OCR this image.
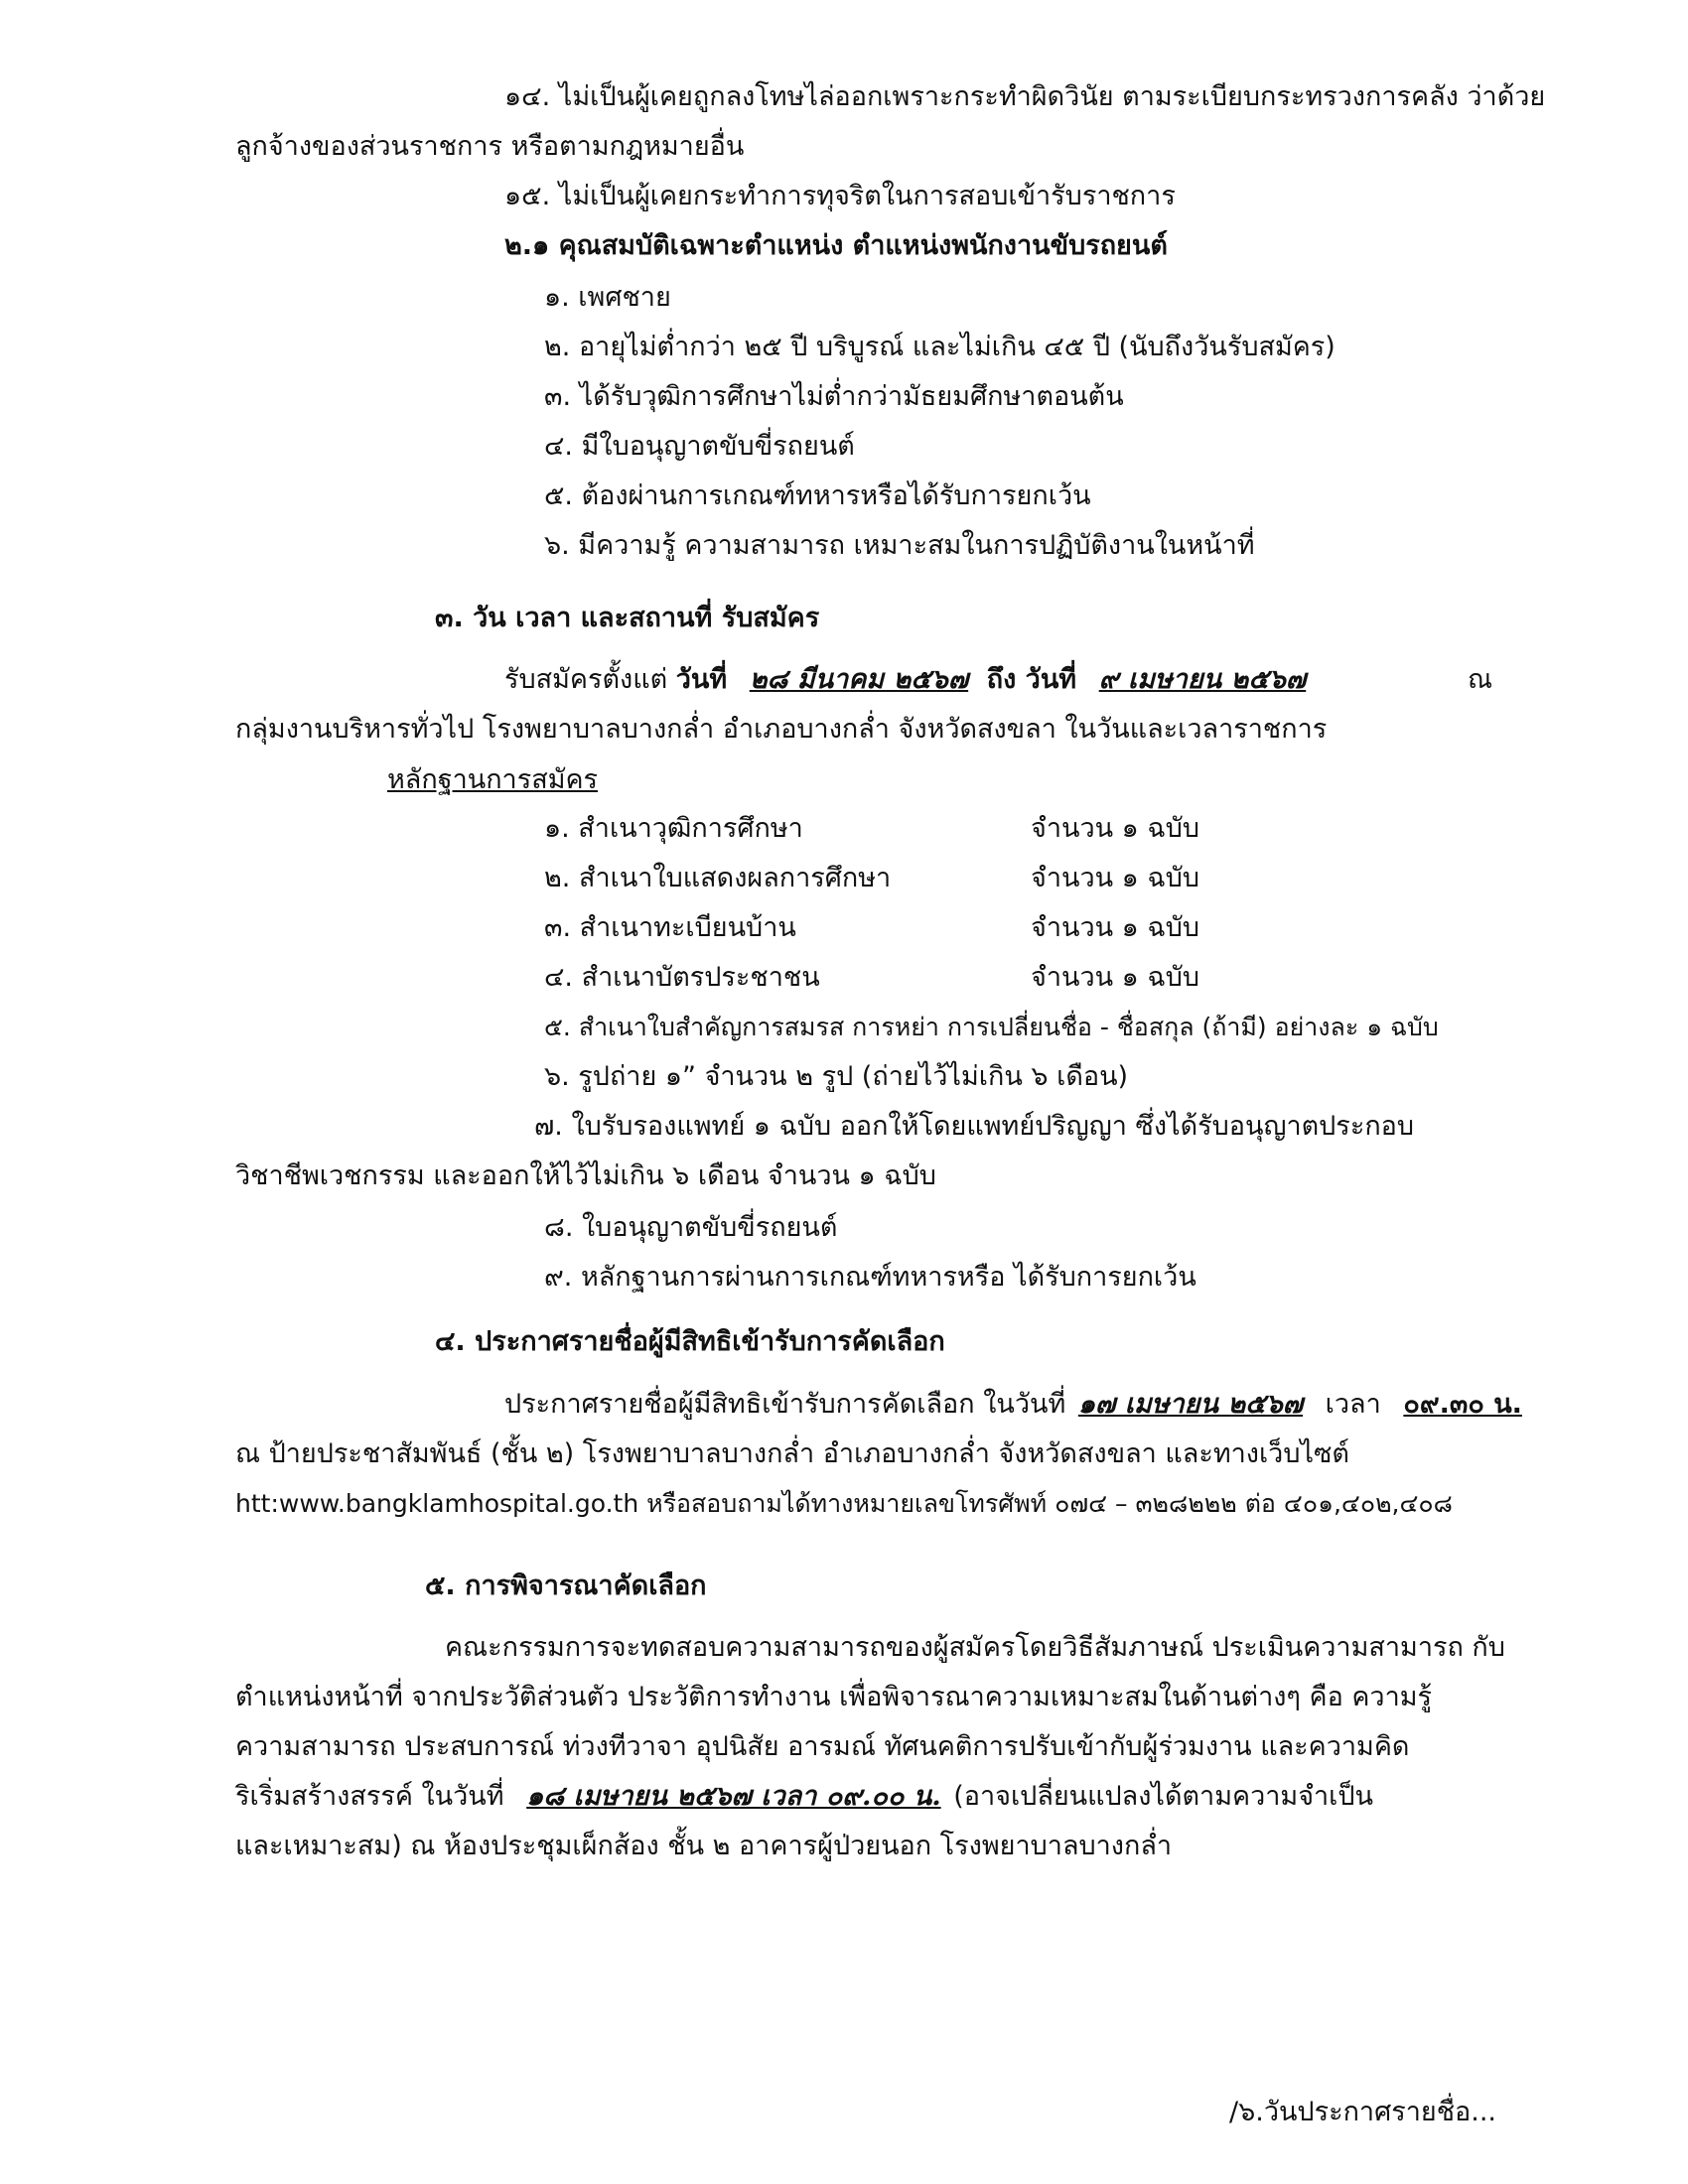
๑๔. ไม่เป็นผู้เคยถูกลงโทษไล่ออกเพราะกระทำผิดวินัย ตามระเบียบกระทรวงการคลัง ว่าด้วย
ลูกจ้างของส่วนราชการ หรือตามกฎหมายอื่น
๑๕. ไม่เป็นผู้เคยกระทำการทุจริตในการสอบเข้ารับราชการ
๒.๑ คุณสมบัติเฉพาะตำแหน่ง ตำแหน่งพนักงานขับรถยนต์
๑. เพศชาย
๒. อายุไม่ต่ำกว่า ๒๕ ปี บริบูรณ์ และไม่เกิน ๔๕ ปี (นับถึงวันรับสมัคร)
๓. ได้รับวุฒิการศึกษาไม่ต่ำกว่ามัธยมศึกษาตอนต้น
๔. มีใบอนุญาตขับขี่รถยนต์
๕. ต้องผ่านการเกณฑ์ทหารหรือได้รับการยกเว้น
๖. มีความรู้ ความสามารถ เหมาะสมในการปฏิบัติงานในหน้าที่
๓. วัน เวลา และสถานที่ รับสมัคร
รับสมัครตั้งแต่ วันที่ ๒๘ มีนาคม ๒๕๖๗ ถึง วันที่ ๙ เมษายน ๒๕๖๗	ณ
กลุ่มงานบริหารทั่วไป โรงพยาบาลบางกล่ำ อำเภอบางกล่ำ จังหวัดสงขลา ในวันและเวลาราชการ
หลักฐานการสมัคร
๑. สำเนาวุฒิการศึกษา	จำนวน ๑ ฉบับ
๒. สำเนาใบแสดงผลการศึกษา	จำนวน ๑ ฉบับ
๓. สำเนาทะเบียนบ้าน	จำนวน ๑ ฉบับ
๔. สำเนาบัตรประชาชน	จำนวน ๑ ฉบับ
๕. สำเนาใบสำคัญการสมรส การหย่า การเปลี่ยนชื่อ - ชื่อสกุล (ถ้ามี) อย่างละ ๑ ฉบับ
๖. รูปถ่าย ๑” จำนวน ๒ รูป (ถ่ายไว้ไม่เกิน ๖ เดือน)
๗. ใบรับรองแพทย์ ๑ ฉบับ ออกให้โดยแพทย์ปริญญา ซึ่งได้รับอนุญาตประกอบ
วิชาชีพเวชกรรม และออกให้ไว้ไม่เกิน ๖ เดือน จำนวน ๑ ฉบับ
๘. ใบอนุญาตขับขี่รถยนต์
๙. หลักฐานการผ่านการเกณฑ์ทหารหรือ ได้รับการยกเว้น
๔. ประกาศรายชื่อผู้มีสิทธิเข้ารับการคัดเลือก
ประกาศรายชื่อผู้มีสิทธิเข้ารับการคัดเลือก ในวันที่ ๑๗ เมษายน ๒๕๖๗ เวลา ๐๙.๓๐ น.
ณ ป้ายประชาสัมพันธ์ (ชั้น ๒) โรงพยาบาลบางกล่ำ อำเภอบางกล่ำ จังหวัดสงขลา และทางเว็บไซต์
htt:www.bangklamhospital.go.th หรือสอบถามได้ทางหมายเลขโทรศัพท์ ๐๗๔ – ๓๒๘๒๒๒ ต่อ ๔๐๑,๔๐๒,๔๐๘
๕. การพิจารณาคัดเลือก
คณะกรรมการจะทดสอบความสามารถของผู้สมัครโดยวิธีสัมภาษณ์ ประเมินความสามารถ กับ
ตำแหน่งหน้าที่ จากประวัติส่วนตัว ประวัติการทำงาน เพื่อพิจารณาความเหมาะสมในด้านต่างๆ คือ ความรู้
ความสามารถ ประสบการณ์ ท่วงทีวาจา อุปนิสัย อารมณ์ ทัศนคติการปรับเข้ากับผู้ร่วมงาน และความคิด
ริเริ่มสร้างสรรค์ ในวันที่ ๑๘ เมษายน ๒๕๖๗ เวลา ๐๙.๐๐ น. (อาจเปลี่ยนแปลงได้ตามความจำเป็น
และเหมาะสม) ณ ห้องประชุมเผ็กส้อง ชั้น ๒ อาคารผู้ป่วยนอก โรงพยาบาลบางกล่ำ
/๖.วันประกาศรายชื่อ...
